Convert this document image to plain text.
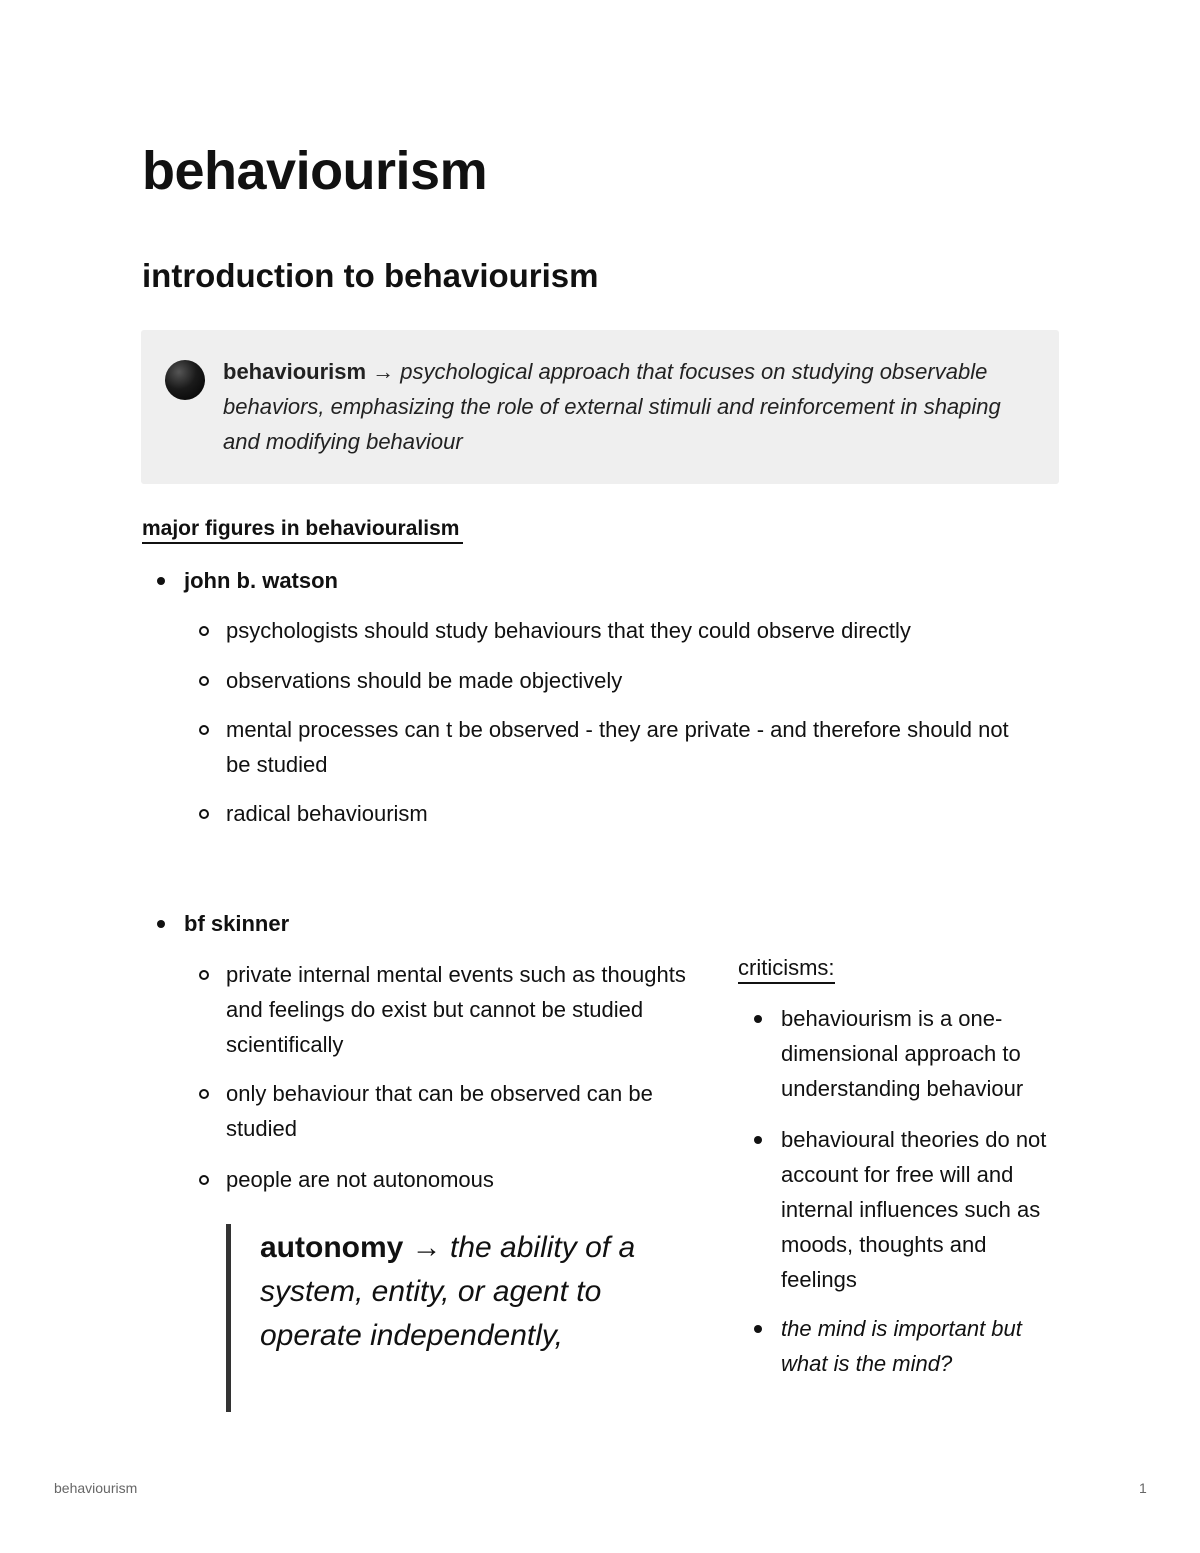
behaviourism
introduction to behaviourism
behaviourism → psychological approach that focuses on studying observable behaviors, emphasizing the role of external stimuli and reinforcement in shaping and modifying behaviour
major figures in behaviouralism
john b. watson
psychologists should study behaviours that they could observe directly
observations should be made objectively
mental processes can t be observed - they are private - and therefore should not be studied
radical behaviourism
bf skinner
private internal mental events such as thoughts and feelings do exist but cannot be studied scientifically
only behaviour that can be observed can be studied
people are not autonomous
autonomy → the ability of a system, entity, or agent to operate independently,
criticisms:
behaviourism is a one-dimensional approach to understanding behaviour
behavioural theories do not account for free will and internal influences such as moods, thoughts and feelings
the mind is important but what is the mind?
behaviourism	1
